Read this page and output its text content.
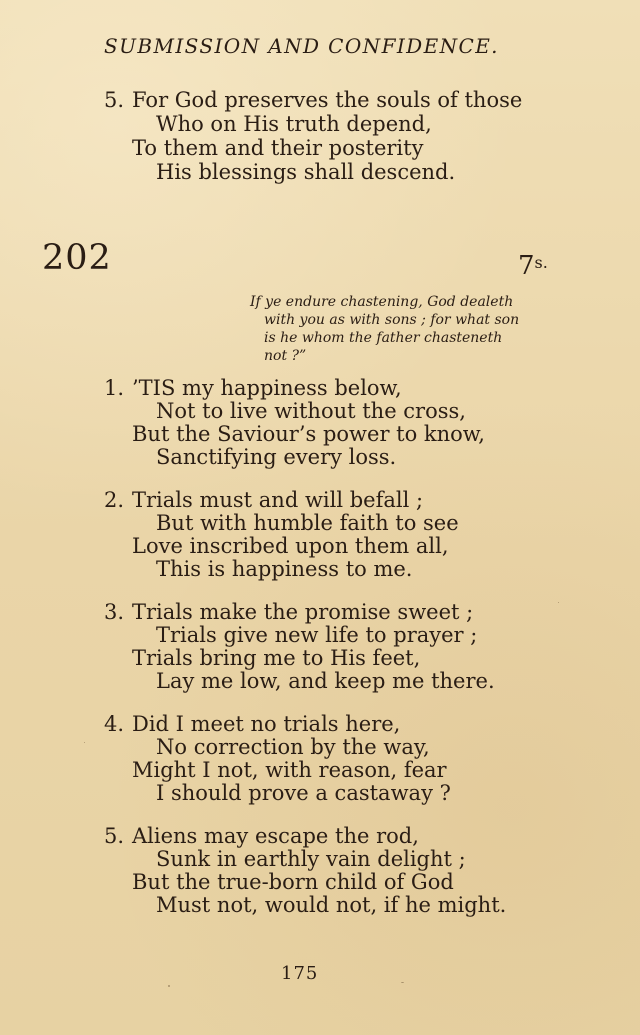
SUBMISSION AND CONFIDENCE.
5. For God preserves the souls of those
Who on His truth depend,
To them and their posterity
His blessings shall descend.
202	$7^{s.}$
If ye endure chastening, God dealeth
with you as with sons ; for what son
is he whom the father chasteneth
not ?”
1. ’TIS my happiness below,
Not to live without the cross,
But the Saviour’s power to know,
Sanctifying every loss.
2. Trials must and will befall ;
But with humble faith to see
Love inscribed upon them all,
This is happiness to me.
3. Trials make the promise sweet ;
Trials give new life to prayer ;
Trials bring me to His feet,
Lay me low, and keep me there.
4. Did I meet no trials here,
No correction by the way,
Might I not, with reason, fear
I should prove a castaway ?
5. Aliens may escape the rod,
Sunk in earthly vain delight ;
But the true-born child of God
Must not, would not, if he might.
175
